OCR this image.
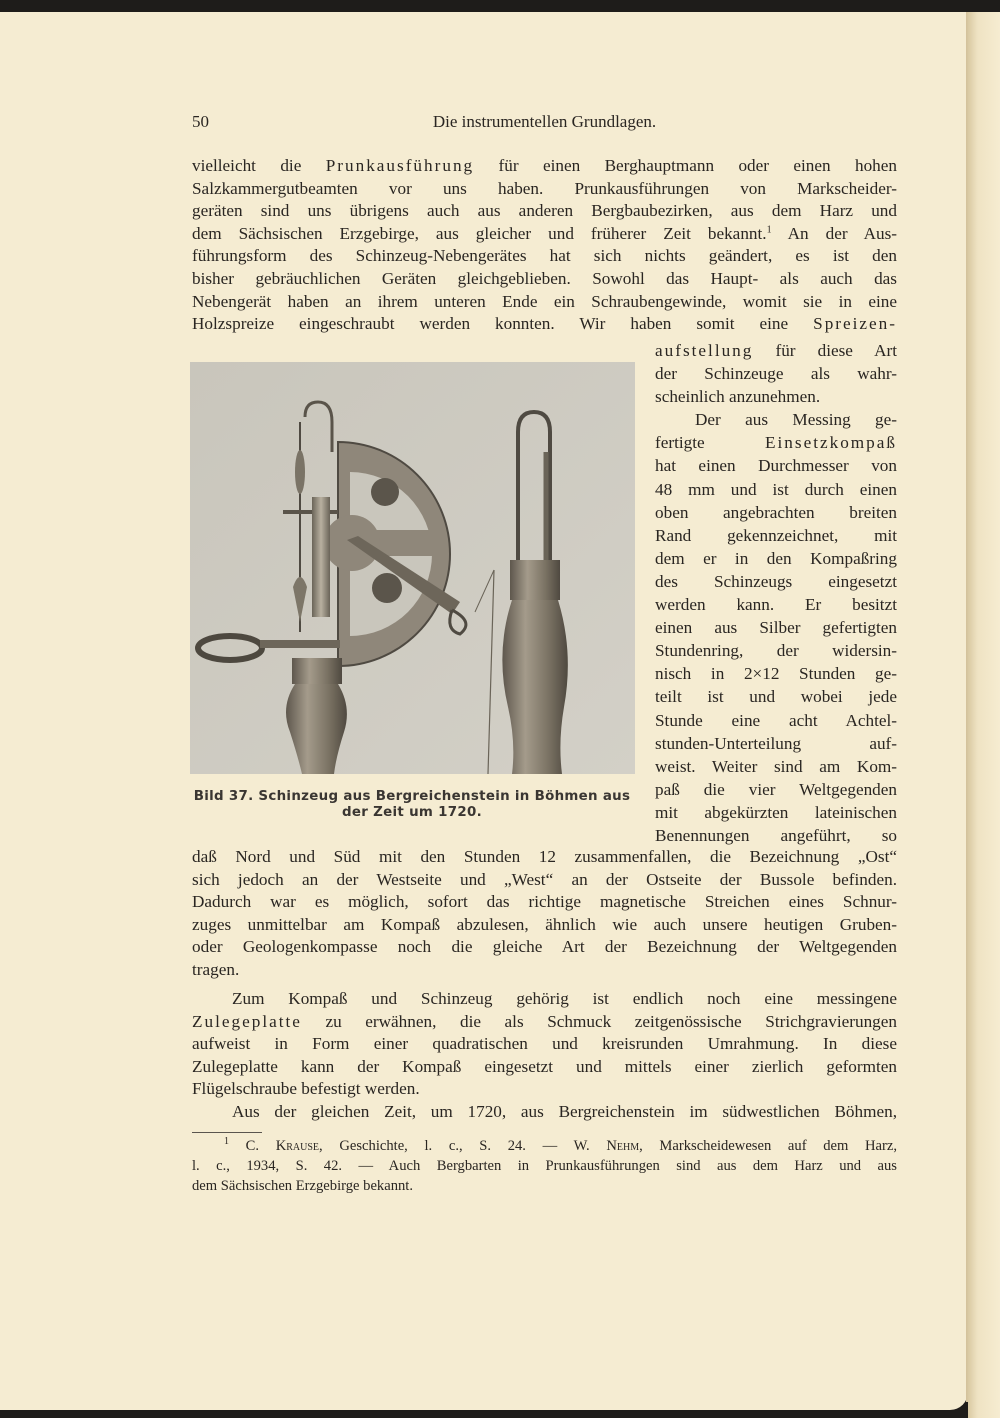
50	Die instrumentellen Grundlagen.
vielleicht die Prunkausführung für einen Berghauptmann oder einen hohen
Salzkammergutbeamten vor uns haben. Prunkausführungen von Markscheider-
geräten sind uns übrigens auch aus anderen Bergbaubezirken, aus dem Harz und
dem Sächsischen Erzgebirge, aus gleicher und früherer Zeit bekannt.$^1$ An der Aus-
führungsform des Schinzeug-Nebengerätes hat sich nichts geändert, es ist den
bisher gebräuchlichen Geräten gleichgeblieben. Sowohl das Haupt- als auch das
Nebengerät haben an ihrem unteren Ende ein Schraubengewinde, womit sie in eine
Holzspreize eingeschraubt werden konnten. Wir haben somit eine Spreizen-
aufstellung für diese Art
der Schinzeuge als wahr-
scheinlich anzunehmen.
Der aus Messing ge-
fertigte	Einsetzkompaß
hat einen Durchmesser von
48 mm und ist durch einen
oben angebrachten breiten
Rand gekennzeichnet, mit
dem er in den Kompaßring
des Schinzeugs eingesetzt
werden kann. Er besitzt
einen aus Silber gefertigten
Stundenring, der widersin-
nisch in 2×12 Stunden ge-
teilt ist und wobei jede
Stunde eine acht Achtel-
stunden-Unterteilung auf-
weist. Weiter sind am Kom-
paß die vier Weltgegenden
mit abgekürzten lateinischen
Benennungen angeführt, so
Bild 37. Schinzeug aus Bergreichenstein in Böhmen aus
der Zeit um 1720.
daß Nord und Süd mit den Stunden 12 zusammenfallen, die Bezeichnung „Ost“
sich jedoch an der Westseite und „West“ an der Ostseite der Bussole befinden.
Dadurch war es möglich, sofort das richtige magnetische Streichen eines Schnur-
zuges unmittelbar am Kompaß abzulesen, ähnlich wie auch unsere heutigen Gruben-
oder Geologenkompasse noch die gleiche Art der Bezeichnung der Weltgegenden
tragen.
Zum Kompaß und Schinzeug gehörig ist endlich noch eine messingene
Zulegeplatte zu erwähnen, die als Schmuck zeitgenössische Strichgravierungen
aufweist in Form einer quadratischen und kreisrunden Umrahmung. In diese
Zulegeplatte kann der Kompaß eingesetzt und mittels einer zierlich geformten
Flügelschraube befestigt werden.
Aus der gleichen Zeit, um 1720, aus Bergreichenstein im südwestlichen Böhmen,
$^1$ C. Krause, Geschichte, l. c., S. 24. — W. Nehm, Markscheidewesen auf dem Harz,
l. c., 1934, S. 42. — Auch Bergbarten in Prunkausführungen sind aus dem Harz und aus
dem Sächsischen Erzgebirge bekannt.
